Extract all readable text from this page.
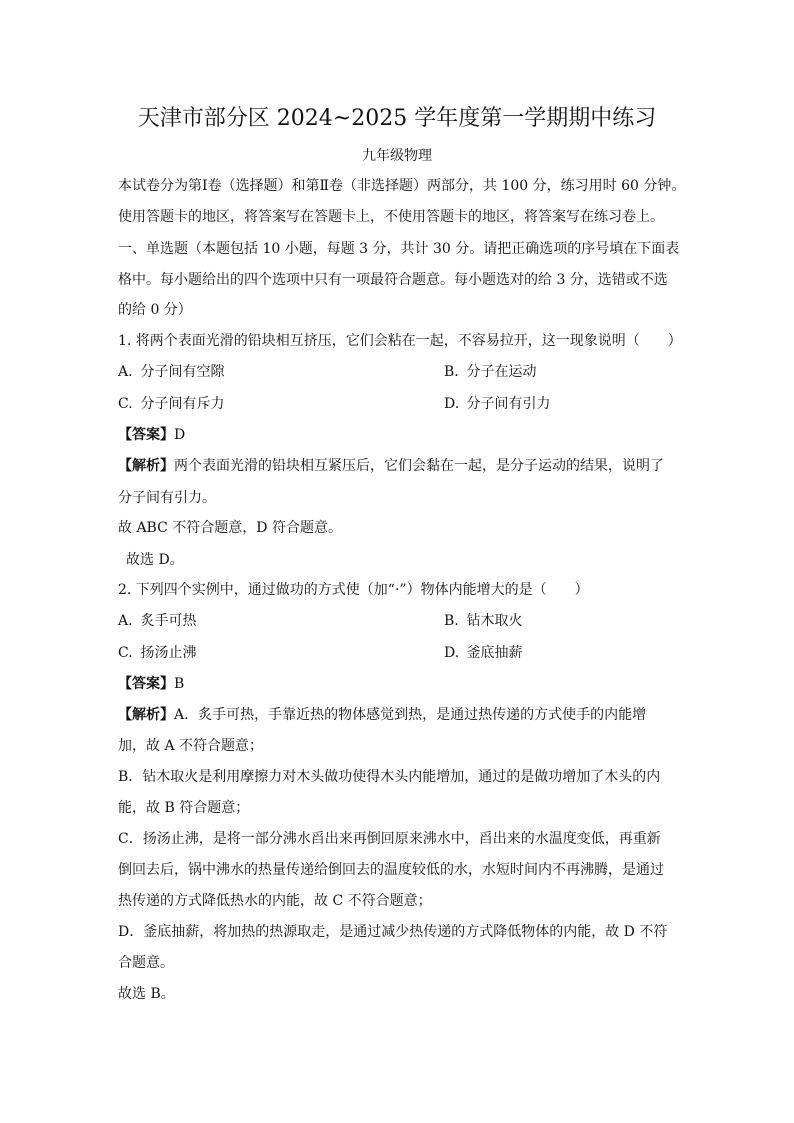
天津市部分区 2024~2025 学年度第一学期期中练习
九年级物理
本试卷分为第Ⅰ卷（选择题）和第Ⅱ卷（非选择题）两部分，共 100 分，练习用时 60 分钟。
使用答题卡的地区，将答案写在答题卡上，不使用答题卡的地区，将答案写在练习卷上。
一、单选题（本题包括 10 小题，每题 3 分，共计 30 分。请把正确选项的序号填在下面表
格中。每小题给出的四个选项中只有一项最符合题意。每小题选对的给 3 分，选错或不选
的给 0 分）
1. 将两个表面光滑的铅块相互挤压，它们会粘在一起，不容易拉开，这一现象说明（　　）
A. 分子间有空隙	B. 分子在运动
C. 分子间有斥力	D. 分子间有引力
【答案】D
【解析】两个表面光滑的铅块相互紧压后，它们会黏在一起，是分子运动的结果，说明了
分子间有引力。
故 ABC 不符合题意，D 符合题意。
故选 D。
2. 下列四个实例中，通过做功的方式使（加“·”）物体内能增大的是（　　）
A. 炙手可热	B. 钻木取火
C. 扬汤止沸	D. 釜底抽薪
【答案】B
【解析】A．炙手可热，手靠近热的物体感觉到热，是通过热传递的方式使手的内能增
加，故 A 不符合题意；
B．钻木取火是利用摩擦力对木头做功使得木头内能增加，通过的是做功增加了木头的内
能，故 B 符合题意；
C．扬汤止沸，是将一部分沸水舀出来再倒回原来沸水中，舀出来的水温度变低，再重新
倒回去后，锅中沸水的热量传递给倒回去的温度较低的水，水短时间内不再沸腾，是通过
热传递的方式降低热水的内能，故 C 不符合题意；
D．釜底抽薪，将加热的热源取走，是通过减少热传递的方式降低物体的内能，故 D 不符
合题意。
故选 B。
